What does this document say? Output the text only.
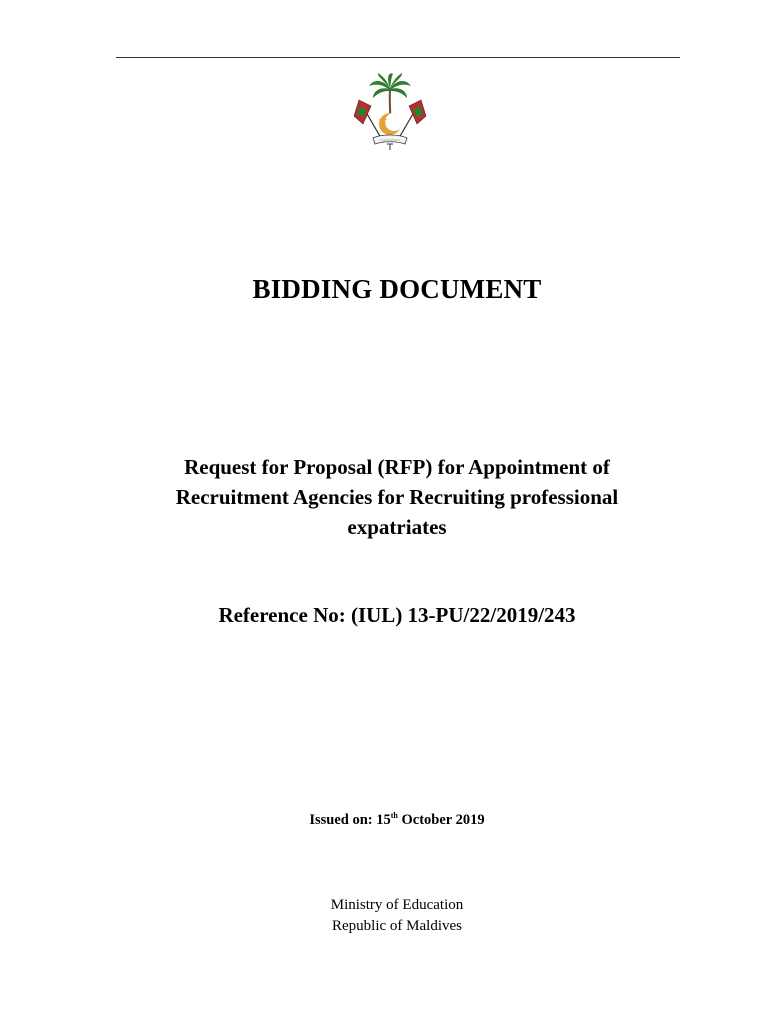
BIDDING DOCUMENT
Request for Proposal (RFP) for Appointment of
Recruitment Agencies for Recruiting professional
expatriates
Reference No: (IUL) 13-PU/22/2019/243
Issued on: 15th October 2019
Ministry of Education
Republic of Maldives
